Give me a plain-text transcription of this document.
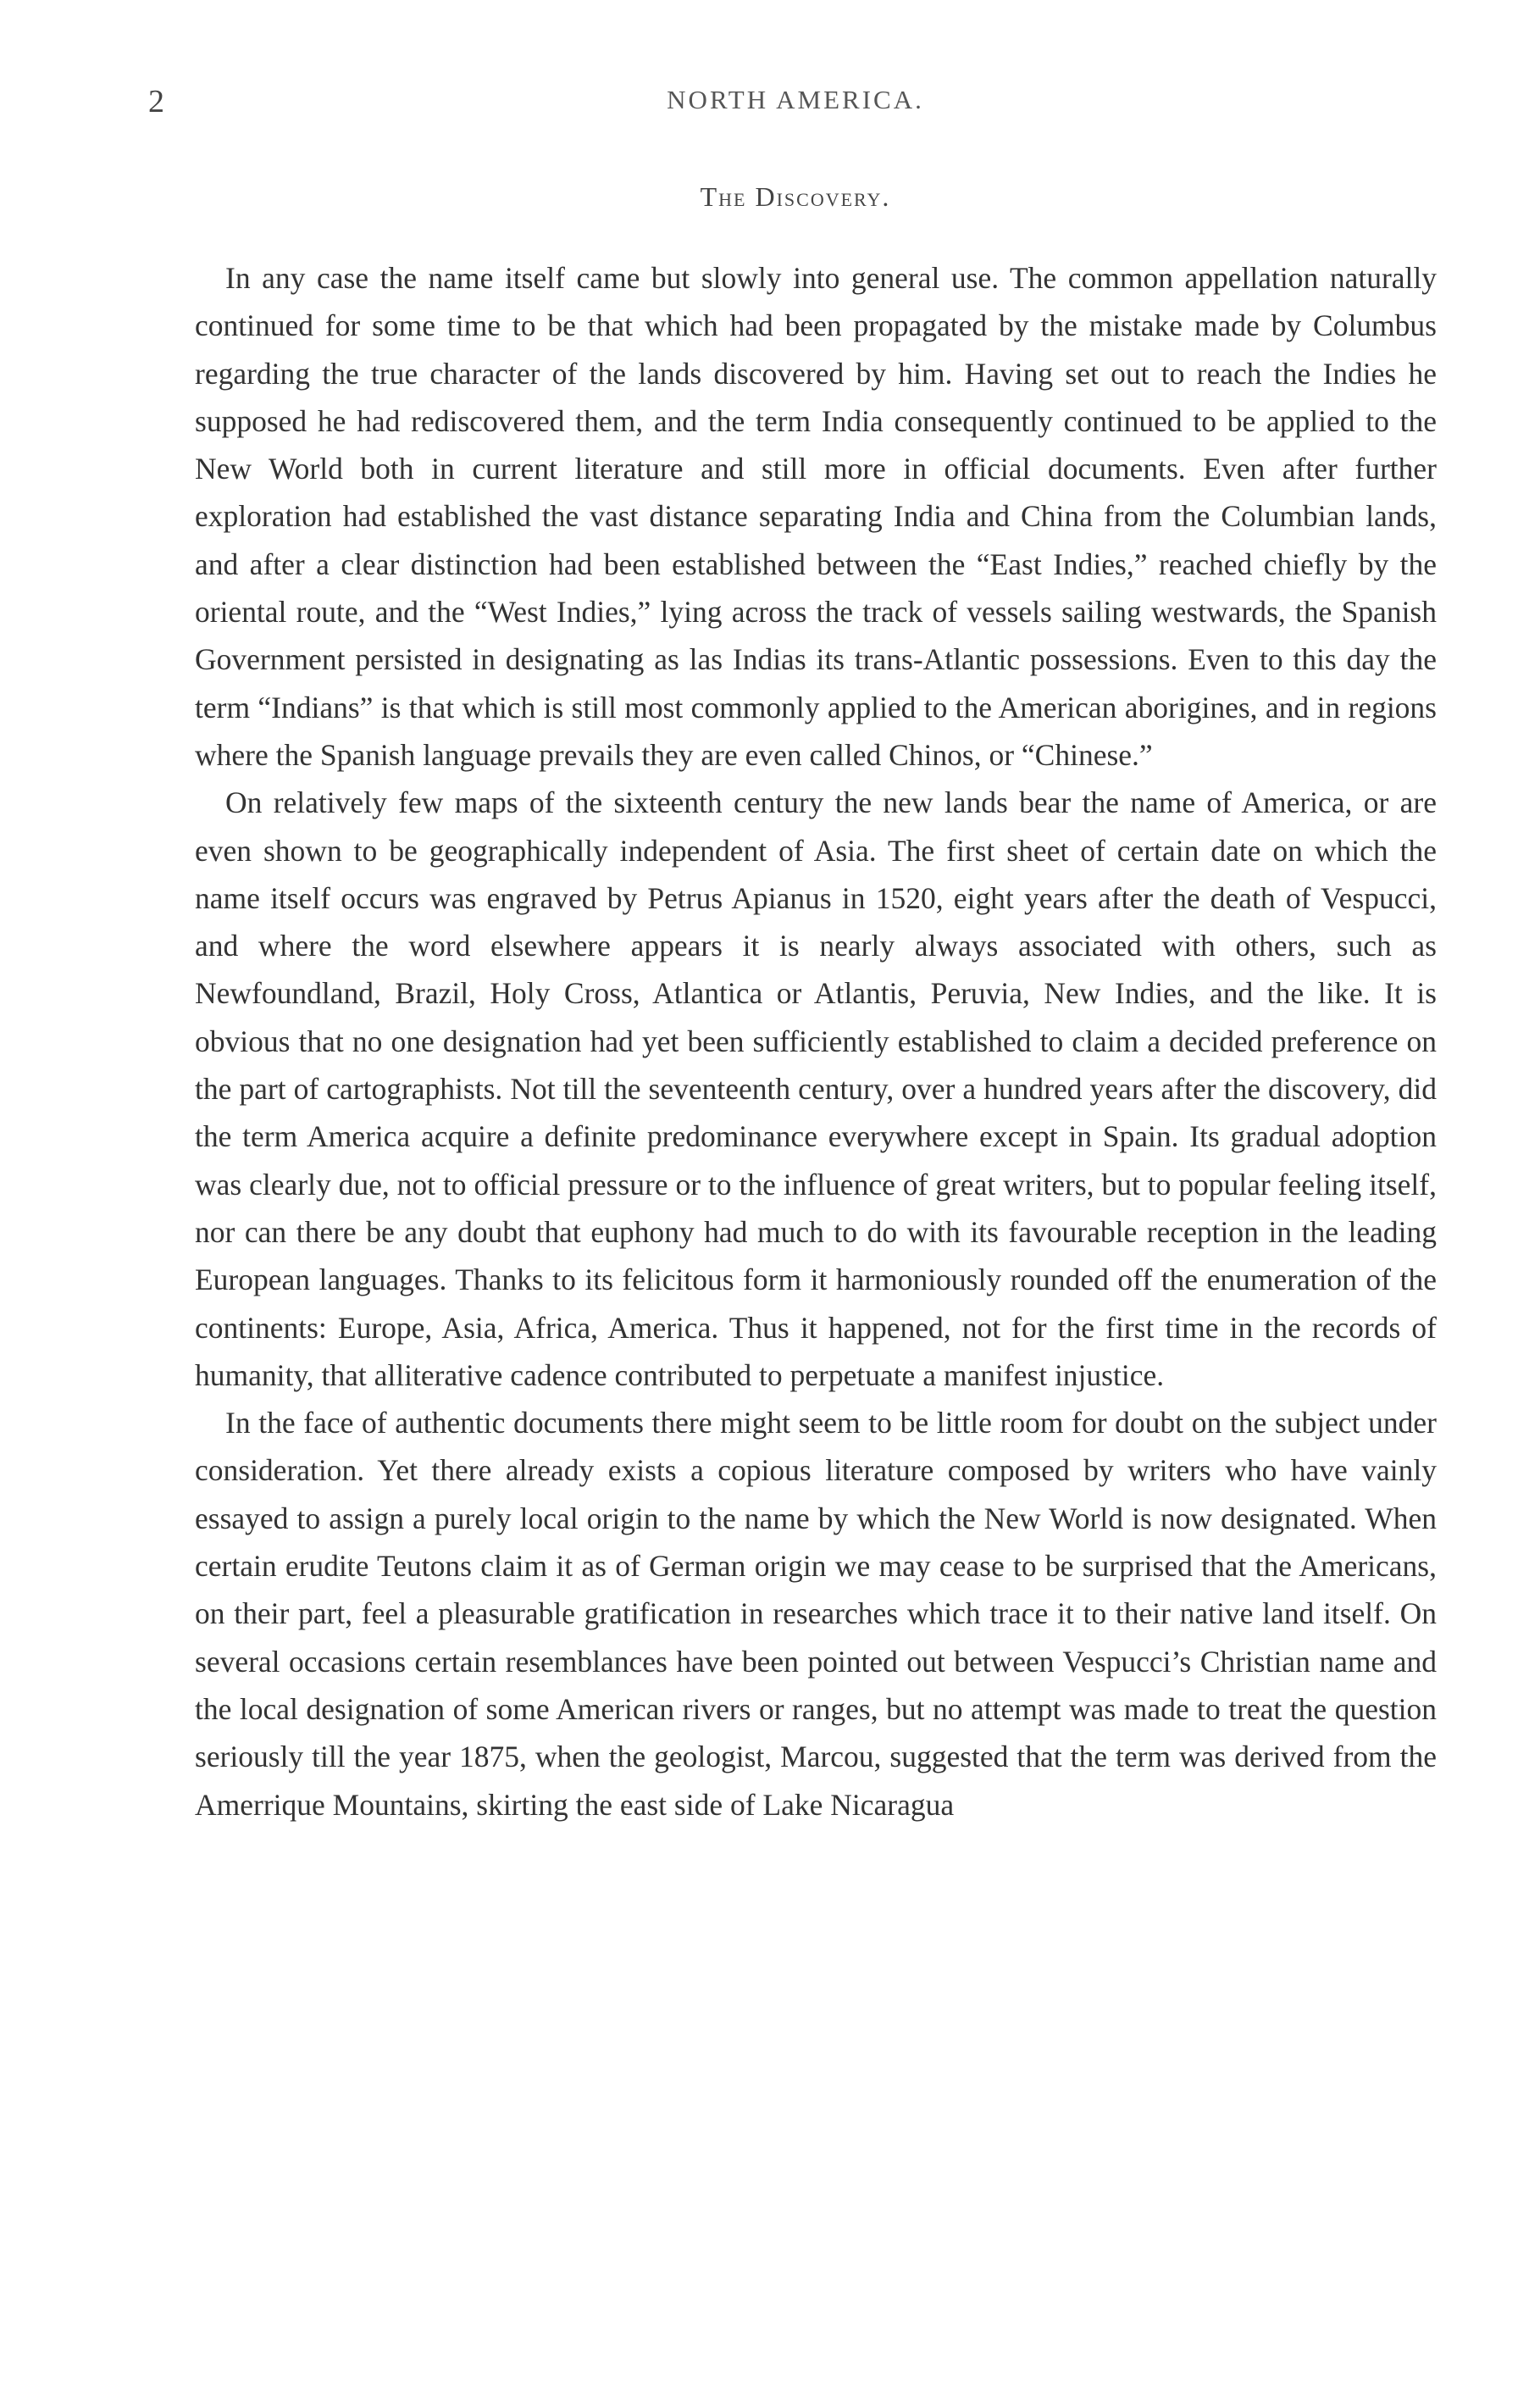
2	NORTH AMERICA.
The Discovery.

In any case the name itself came but slowly into general use. The common appellation naturally continued for some time to be that which had been propagated by the mistake made by Columbus regarding the true character of the lands discovered by him. Having set out to reach the Indies he supposed he had rediscovered them, and the term India consequently continued to be applied to the New World both in current literature and still more in official documents. Even after further exploration had established the vast distance separating India and China from the Columbian lands, and after a clear distinction had been established between the “East Indies,” reached chiefly by the oriental route, and the “West Indies,” lying across the track of vessels sailing westwards, the Spanish Government persisted in designating as las Indias its trans-Atlantic possessions. Even to this day the term “Indians” is that which is still most commonly applied to the American aborigines, and in regions where the Spanish language prevails they are even called Chinos, or “Chinese.”

On relatively few maps of the sixteenth century the new lands bear the name of America, or are even shown to be geographically independent of Asia. The first sheet of certain date on which the name itself occurs was engraved by Petrus Apianus in 1520, eight years after the death of Vespucci, and where the word elsewhere appears it is nearly always associated with others, such as Newfoundland, Brazil, Holy Cross, Atlantica or Atlantis, Peruvia, New Indies, and the like. It is obvious that no one designation had yet been sufficiently established to claim a decided preference on the part of cartographists. Not till the seventeenth century, over a hundred years after the discovery, did the term America acquire a definite predominance everywhere except in Spain. Its gradual adoption was clearly due, not to official pressure or to the influence of great writers, but to popular feeling itself, nor can there be any doubt that euphony had much to do with its favourable reception in the leading European languages. Thanks to its felicitous form it harmoniously rounded off the enumeration of the continents: Europe, Asia, Africa, America. Thus it happened, not for the first time in the records of humanity, that alliterative cadence contributed to perpetuate a manifest injustice.

In the face of authentic documents there might seem to be little room for doubt on the subject under consideration. Yet there already exists a copious literature composed by writers who have vainly essayed to assign a purely local origin to the name by which the New World is now designated. When certain erudite Teutons claim it as of German origin we may cease to be surprised that the Americans, on their part, feel a pleasurable gratification in researches which trace it to their native land itself. On several occasions certain resemblances have been pointed out between Vespucci’s Christian name and the local designation of some American rivers or ranges, but no attempt was made to treat the question seriously till the year 1875, when the geologist, Marcou, suggested that the term was derived from the Amerrique Mountains, skirting the east side of Lake Nicaragua
